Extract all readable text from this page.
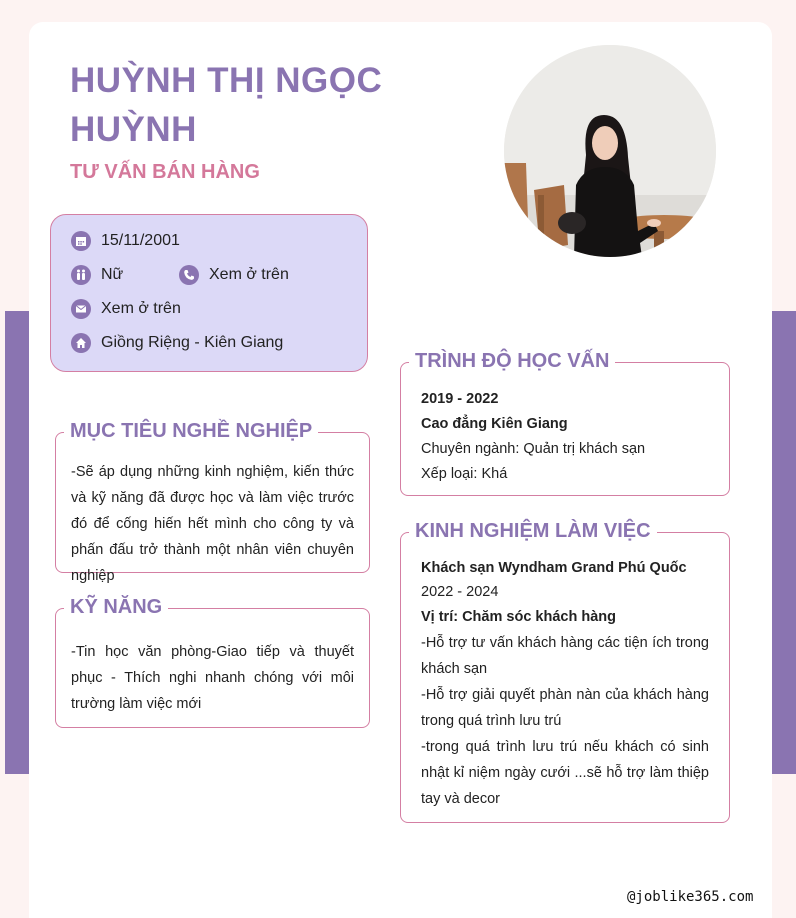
HUỲNH THỊ NGỌC HUỲNH
TƯ VẤN BÁN HÀNG
15/11/2001
Nữ	Xem ở trên
Xem ở trên
Giồng Riệng - Kiên Giang
MỤC TIÊU NGHỀ NGHIỆP
-Sẽ áp dụng những kinh nghiệm, kiến thức và kỹ năng đã được học và làm việc trước đó để cống hiến hết mình cho công ty và phấn đấu trở thành một nhân viên chuyên nghiệp
KỸ NĂNG
-Tin học văn phòng-Giao tiếp và thuyết phục - Thích nghi nhanh chóng với môi trường làm việc mới
TRÌNH ĐỘ HỌC VẤN
2019 - 2022
Cao đẳng Kiên Giang
Chuyên ngành: Quản trị khách sạn
Xếp loại: Khá
KINH NGHIỆM LÀM VIỆC
Khách sạn Wyndham Grand Phú Quốc
2022 - 2024
Vị trí: Chăm sóc khách hàng
-Hỗ trợ tư vấn khách hàng các tiện ích trong khách sạn
-Hỗ trợ giải quyết phàn nàn của khách hàng trong quá trình lưu trú
-trong quá trình lưu trú nếu khách có sinh nhật kỉ niệm ngày cưới ...sẽ hỗ trợ làm thiệp tay và decor
@joblike365.com
